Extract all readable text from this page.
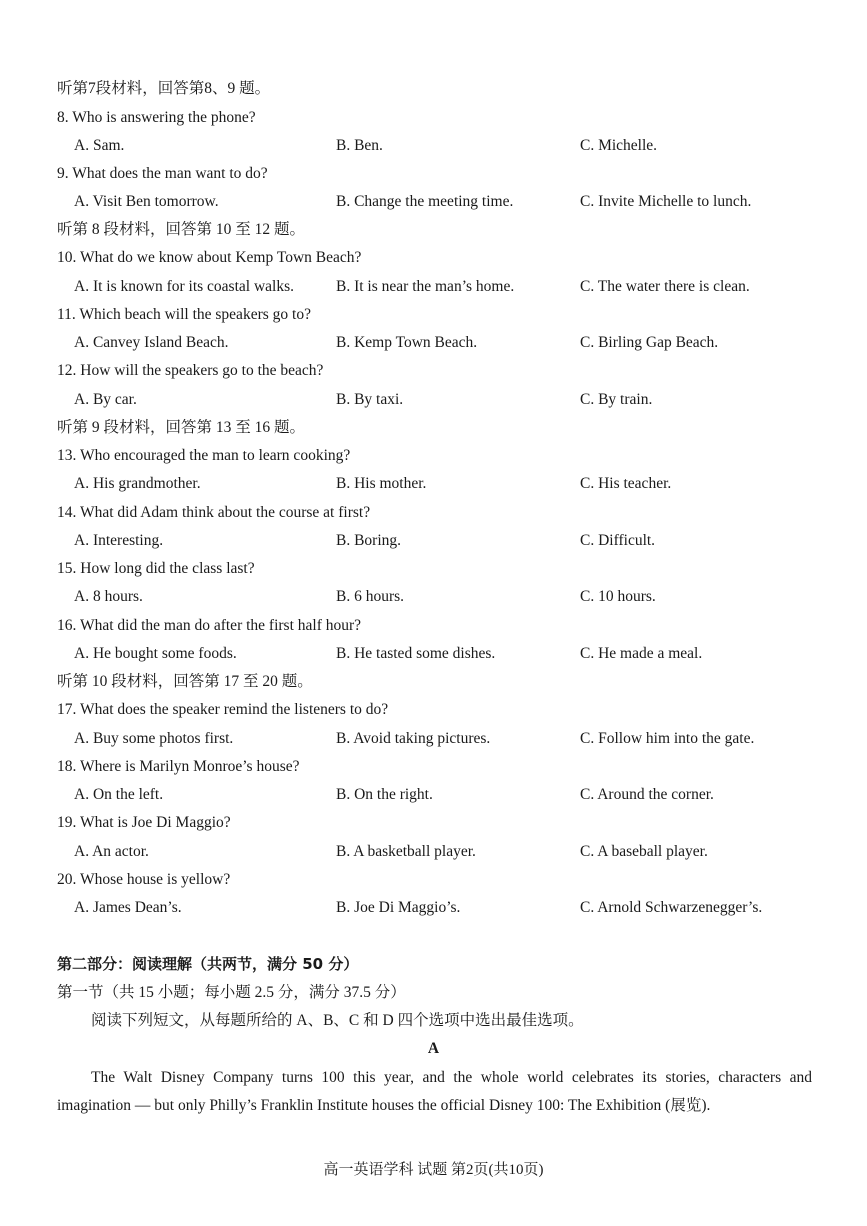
听第7段材料，回答第8、9 题。
8. Who is answering the phone?
A. Sam.	B. Ben.	C. Michelle.
9. What does the man want to do?
A. Visit Ben tomorrow.	B. Change the meeting time.	C. Invite Michelle to lunch.
听第 8 段材料，回答第 10 至 12 题。
10. What do we know about Kemp Town Beach?
A. It is known for its coastal walks.	B. It is near the man’s home.	C. The water there is clean.
11. Which beach will the speakers go to?
A. Canvey Island Beach.	B. Kemp Town Beach.	C. Birling Gap Beach.
12. How will the speakers go to the beach?
A. By car.	B. By taxi.	C. By train.
听第 9 段材料，回答第 13 至 16 题。
13. Who encouraged the man to learn cooking?
A. His grandmother.	B. His mother.	C. His teacher.
14. What did Adam think about the course at first?
A. Interesting.	B. Boring.	C. Difficult.
15. How long did the class last?
A. 8 hours.	B. 6 hours.	C. 10 hours.
16. What did the man do after the first half hour?
A. He bought some foods.	B. He tasted some dishes.	C. He made a meal.
听第 10 段材料，回答第 17 至 20 题。
17. What does the speaker remind the listeners to do?
A. Buy some photos first.	B. Avoid taking pictures.	C. Follow him into the gate.
18. Where is Marilyn Monroe’s house?
A. On the left.	B. On the right.	C. Around the corner.
19. What is Joe Di Maggio?
A. An actor.	B. A basketball player.	C. A baseball player.
20. Whose house is yellow?
A. James Dean’s.	B. Joe Di Maggio’s.	C. Arnold Schwarzenegger’s.
第二部分：阅读理解（共两节，满分 50 分）
第一节（共 15 小题；每小题 2.5 分，满分 37.5 分）
阅读下列短文，从每题所给的 A、B、C 和 D 四个选项中选出最佳选项。
A
The Walt Disney Company turns 100 this year, and the whole world celebrates its stories, characters and imagination — but only Philly’s Franklin Institute houses the official Disney 100: The Exhibition (展览).
高一英语学科 试题 第2页(共10页)
